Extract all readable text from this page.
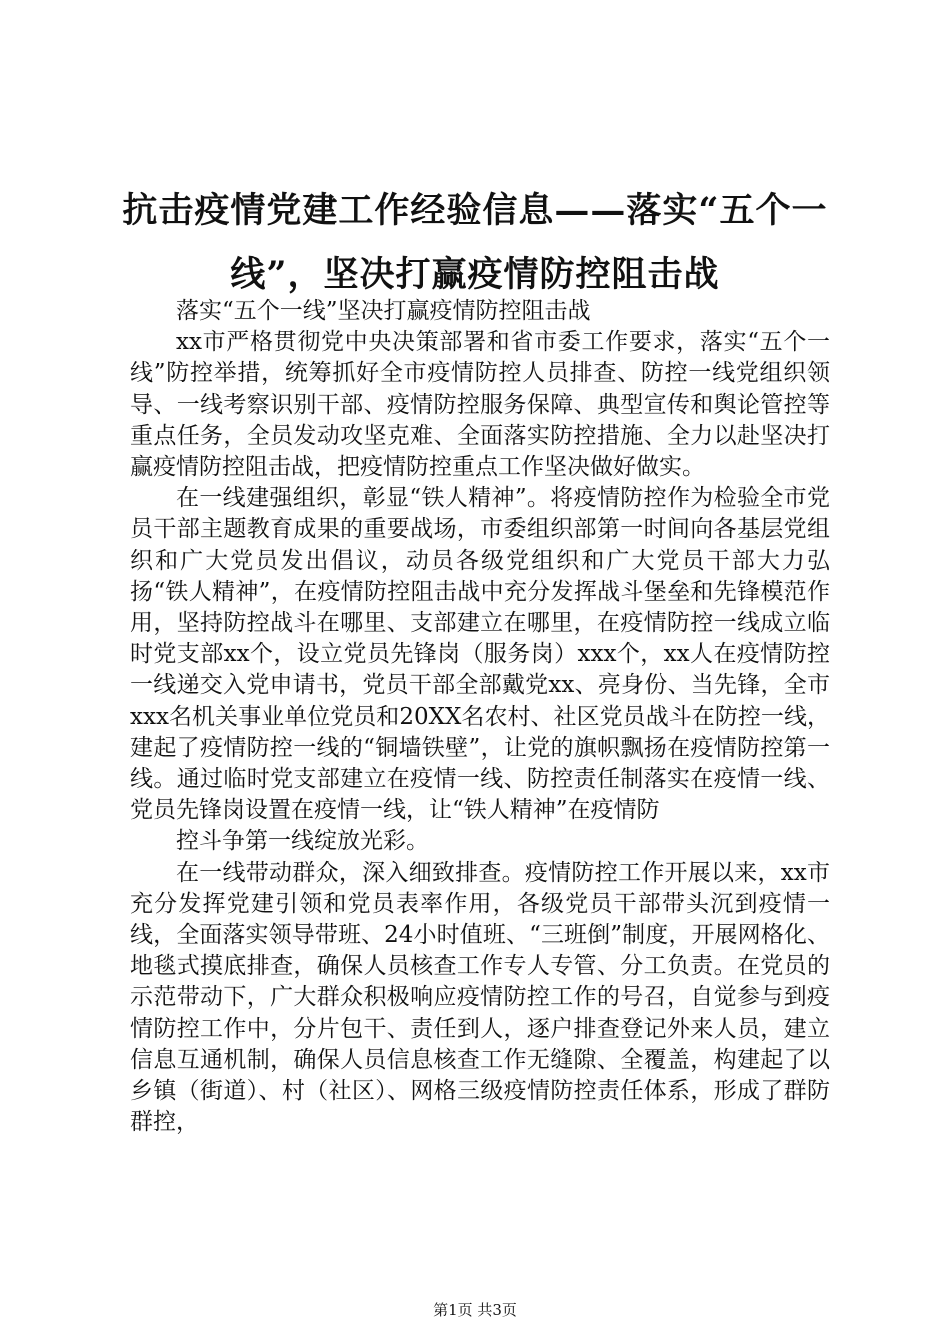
抗击疫情党建工作经验信息——落实“五个一线”，坚决打赢疫情防控阻击战

落实“五个一线”坚决打赢疫情防控阻击战

xx市严格贯彻党中央决策部署和省市委工作要求，落实“五个一线”防控举措，统筹抓好全市疫情防控人员排查、防控一线党组织领导、一线考察识别干部、疫情防控服务保障、典型宣传和舆论管控等重点任务，全员发动攻坚克难、全面落实防控措施、全力以赴坚决打赢疫情防控阻击战，把疫情防控重点工作坚决做好做实。

在一线建强组织，彰显“铁人精神”。将疫情防控作为检验全市党员干部主题教育成果的重要战场，市委组织部第一时间向各基层党组织和广大党员发出倡议，动员各级党组织和广大党员干部大力弘扬“铁人精神”，在疫情防控阻击战中充分发挥战斗堡垒和先锋模范作用，坚持防控战斗在哪里、支部建立在哪里，在疫情防控一线成立临时党支部xx个，设立党员先锋岗（服务岗）xxx个，xx人在疫情防控一线递交入党申请书，党员干部全部戴党xx、亮身份、当先锋，全市xxx名机关事业单位党员和20XX名农村、社区党员战斗在防控一线，建起了疫情防控一线的“铜墙铁壁”，让党的旗帜飘扬在疫情防控第一线。通过临时党支部建立在疫情一线、防控责任制落实在疫情一线、党员先锋岗设置在疫情一线，让“铁人精神”在疫情防

控斗争第一线绽放光彩。

在一线带动群众，深入细致排查。疫情防控工作开展以来，xx市充分发挥党建引领和党员表率作用，各级党员干部带头沉到疫情一线，全面落实领导带班、24小时值班、“三班倒”制度，开展网格化、地毯式摸底排查，确保人员核查工作专人专管、分工负责。在党员的示范带动下，广大群众积极响应疫情防控工作的号召，自觉参与到疫情防控工作中，分片包干、责任到人，逐户排查登记外来人员，建立信息互通机制，确保人员信息核查工作无缝隙、全覆盖，构建起了以乡镇（街道）、村（社区）、网格三级疫情防控责任体系，形成了群防群控，

第1页 共3页
